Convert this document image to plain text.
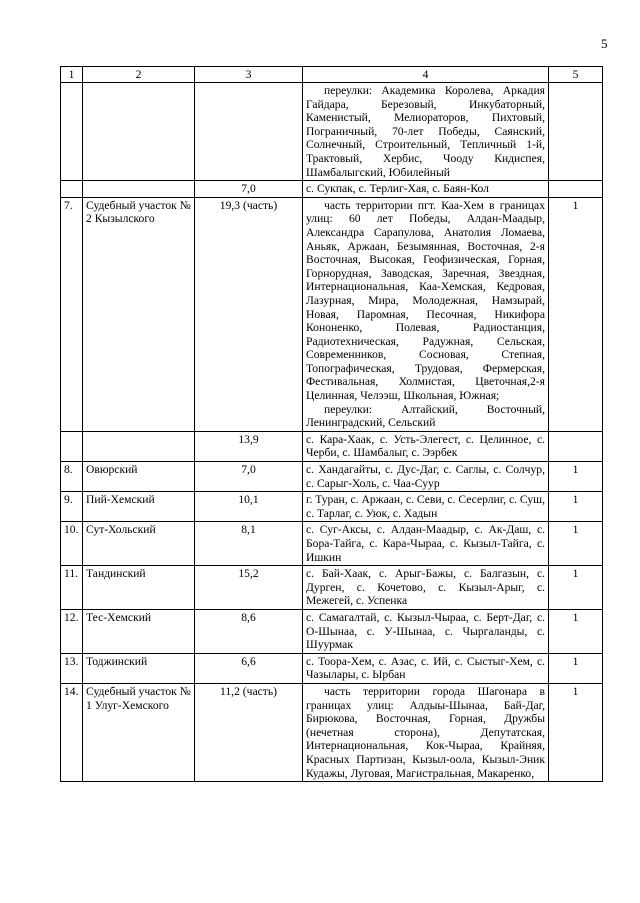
5
1	2	3	4	5

			переулки: Академика Королева, Аркадия Гайдара, Березовый, Инкубаторный, Каменистый, Мелиораторов, Пихтовый, Пограничный, 70-лет Победы, Саянский, Солнечный, Строительный, Тепличный 1-й, Трактовый, Хербис, Чооду Кидиспея, Шамбалыгский, Юбилейный	

		7,0	с. Сукпак, с. Терлиг-Хая, с. Баян-Кол	

7.	Судебный участок № 2 Кызылского	19,3 (часть)	часть территории пгт. Каа-Хем в границах улиц: 60 лет Победы, Алдан-Маадыр, Александра Сарапулова, Анатолия Ломаева, Аньяк, Аржаан, Безымянная, Восточная, 2-я Восточная, Высокая, Геофизическая, Горная, Горнорудная, Заводская, Заречная, Звездная, Интернациональная, Каа-Хемская, Кедровая, Лазурная, Мира, Молодежная, Намзырай, Новая, Паромная, Песочная, Никифора Кононенко, Полевая, Радиостанция, Радиотехническая, Радужная, Сельская, Современников, Сосновая, Степная, Топографическая, Трудовая, Фермерская, Фестивальная, Холмистая, Цветочная,2-я Целинная, Челээш, Школьная, Южная;

переулки: Алтайский, Восточный, Ленинградский, Сельский	1
		13,9	с. Кара-Хаак, с. Усть-Элегест, с. Целинное, с. Черби, с. Шамбалыг, с. Ээрбек	

8.	Овюрский	7,0	с. Хандагайты, с. Дус-Даг, с. Саглы, с. Солчур, с. Сарыг-Холь, с. Чаа-Суур	1
9.	Пий-Хемский	10,1	г. Туран, с. Аржаан, с. Севи, с. Сесерлиг, с. Суш, с. Тарлаг, с. Уюк, с. Хадын	1
10.	Сут-Хольский	8,1	с. Суг-Аксы, с. Алдан-Маадыр, с. Ак-Даш, с. Бора-Тайга, с. Кара-Чыраа, с. Кызыл-Тайга, с. Ишкин	1
11.	Тандинский	15,2	с. Бай-Хаак, с. Арыг-Бажы, с. Балгазын, с. Дурген, с. Кочетово, с. Кызыл-Арыг, с. Межегей, с. Успенка	1
12.	Тес-Хемский	8,6	с. Самагалтай, с. Кызыл-Чыраа, с. Берт-Даг, с. О-Шынаа, с. У-Шынаа, с. Чыргаланды, с. Шуурмак	1
13.	Тоджинский	6,6	с. Тоора-Хем, с. Азас, с. Ий, с. Сыстыг-Хем, с. Чазылары, с. Ырбан	1
14.	Судебный участок № 1 Улуг-Хемского	11,2 (часть)	часть территории города Шагонара в границах улиц: Алдыы-Шынаа, Бай-Даг, Бирюкова, Восточная, Горная, Дружбы (нечетная сторона), Депутатская, Интернациональная, Кок-Чыраа, Крайняя, Красных Партизан, Кызыл-оола, Кызыл-Эник Кудажы, Луговая, Магистральная, Макаренко,	1
